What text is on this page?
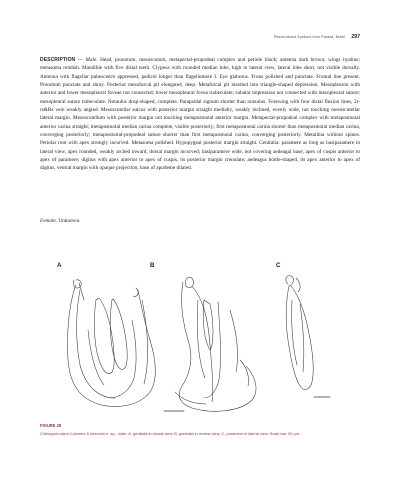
Phanerotoma Eyebrus from Paraná, Brazil 297
DESCRIPTION — Male. Head, pronotum, mesoscutum, metapectal-propodeal complex and petiole black; antenna dark brown; wings hyaline; metasoma reddish. Mandible with five distal teeth. Clypeus with rounded median lobe, high in lateral view, lateral lobe short, not visible dorsally. Antenna with flagellar pubescence appressed, pedicel longer than flagellomere I. Eye glabrous. Frons polished and punctate. Frontal line present. Pronotum punctate and shiny. Posterior mesofurcal pit elongated, deep. Metafurcal pit inserted into triangle-shaped depression. Mesopleuron with anterior and lower mesopleural foveae not connected; lower mesopleural fovea trabeculate; subalar impression not connected with mesopleural suture; mesopleural suture trabeculate. Notaulus drop-shaped, complete. Parapsidal signum shorter than notaulus. Forewing with four distal flexion lines, 2r-rs&Rs vein weakly angled. Mesoscutellar sulcus with posterior margin straight medially, weakly inclined, evenly wide, not touching mesoscutellar lateral margin. Mesoscutellum with posterior margin not touching metapostnotal anterior margin. Metapectal-propodeal complex with metapostnotal anterior carina straight; metapostnotal median carina complete, visible posteriorly; first metapostnotal carina shorter than metapostnotal median carina, converging posteriorly; metapostnotal-propodeal suture shorter than first metapostnotal carina, converging posteriorly. Metatibia without spines. Petiolar root with apex strongly incurved. Metasoma polished. Hypopygeal posterior margin straight. Genitalia: paramere as long as basiparamere in lateral view, apex rounded, weakly arched inward, dorsal margin incurved; basiparamere wide, not covering aedeagal base; apex of cuspis anterior to apex of paramere; digitus with apex anterior to apex of cuspis, its posterior margin crenulate; aedeagus bottle-shaped, its apex anterior to apex of digitus, ventral margin with opaque projection, base of apodeme dilated.
Female. Unknown.
A	B	C
FIGURE 29
Chilospyris dana Colombo & Azevedo n. sp., male. A, genitalia in dorsal view; B, genitalia in ventral view; C, paramere in lateral view. Scale bar: 50 µm.
